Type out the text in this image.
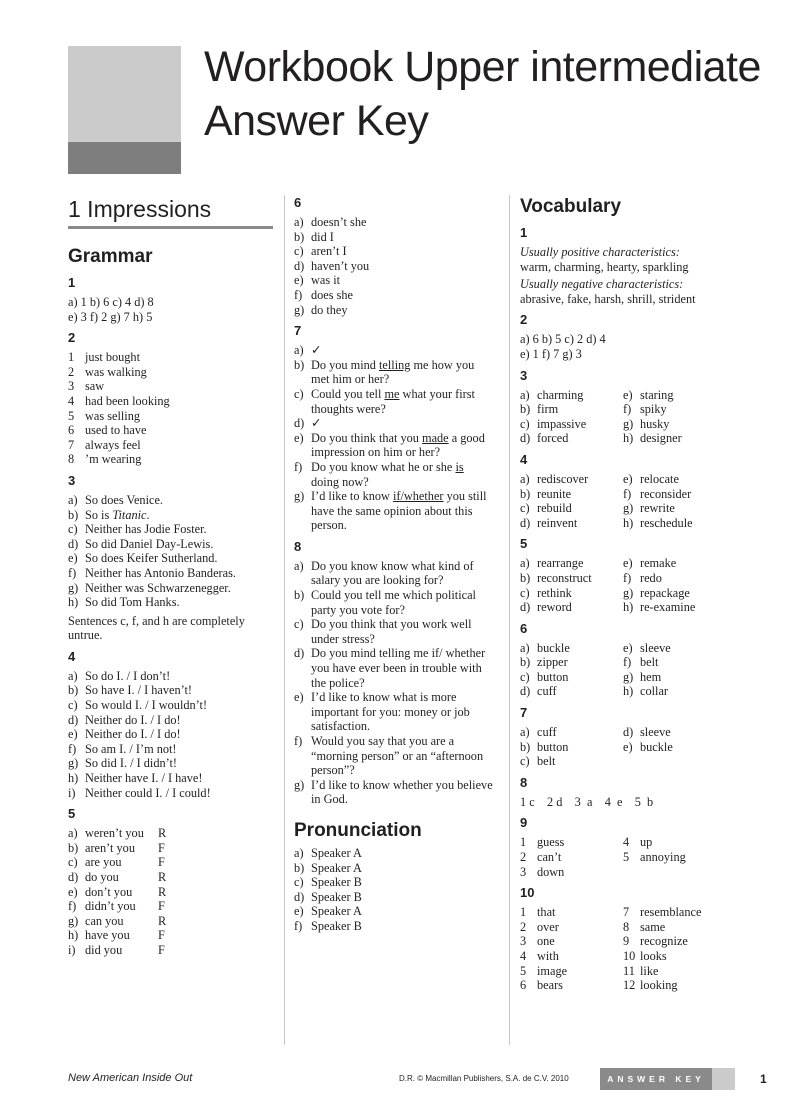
Workbook Upper intermediate
Answer Key
1 Impressions
Grammar
1
a) 1 b) 6 c) 4 d) 8
e) 3 f) 2 g) 7 h) 5
2
1 just bought
2 was walking
3 saw
4 had been looking
5 was selling
6 used to have
7 always feel
8 ’m wearing
3
a) So does Venice.
b) So is Titanic.
c) Neither has Jodie Foster.
d) So did Daniel Day-Lewis.
e) So does Keifer Sutherland.
f) Neither has Antonio Banderas.
g) Neither was Schwarzenegger.
h) So did Tom Hanks.
Sentences c, f, and h are completely untrue.
4
a) So do I. / I don’t!
b) So have I. / I haven’t!
c) So would I. / I wouldn’t!
d) Neither do I. / I do!
e) Neither do I. / I do!
f) So am I. / I’m not!
g) So did I. / I didn’t!
h) Neither have I. / I have!
i) Neither could I. / I could!
5
a) weren’t you	R
b) aren’t you	F
c) are you	F
d) do you	R
e) don’t you	R
f) didn’t you	F
g) can you	R
h) have you	F
i) did you	F
6
a) doesn’t she
b) did I
c) aren’t I
d) haven’t you
e) was it
f) does she
g) do they
7
a) ✓
b) Do you mind telling me how you met him or her?
c) Could you tell me what your first thoughts were?
d) ✓
e) Do you think that you made a good impression on him or her?
f) Do you know what he or she is doing now?
g) I’d like to know if/whether you still have the same opinion about this person.
8
a) Do you know know what kind of salary you are looking for?
b) Could you tell me which political party you vote for?
c) Do you think that you work well under stress?
d) Do you mind telling me if/ whether you have ever been in trouble with the police?
e) I’d like to know what is more important for you: money or job satisfaction.
f) Would you say that you are a “morning person” or an “afternoon person”?
g) I’d like to know whether you believe in God.
Pronunciation
a) Speaker A
b) Speaker A
c) Speaker B
d) Speaker B
e) Speaker A
f) Speaker B
Vocabulary
1
Usually positive characteristics:
warm, charming, hearty, sparkling
Usually negative characteristics:
abrasive, fake, harsh, shrill, strident
2
a) 6 b) 5 c) 2 d) 4
e) 1 f) 7 g) 3
3
a) charming	e) staring
b) firm	f) spiky
c) impassive	g) husky
d) forced	h) designer
4
a) rediscover	e) relocate
b) reunite	f) reconsider
c) rebuild	g) rewrite
d) reinvent	h) reschedule
5
a) rearrange	e) remake
b) reconstruct	f) redo
c) rethink	g) repackage
d) reword	h) re-examine
6
a) buckle	e) sleeve
b) zipper	f) belt
c) button	g) hem
d) cuff	h) collar
7
a) cuff	d) sleeve
b) button	e) buckle
c) belt
8
1 c    2 d    3  a    4  e    5  b
9
1 guess	4 up
2 can’t	5 annoying
3 down
10
1 that	7 resemblance
2 over	8 same
3 one	9 recognize
4 with	10 looks
5 image	11 like
6 bears	12 looking
New American Inside Out	D.R. © Macmillan Publishers, S.A. de C.V. 2010	ANSWER KEY	1
